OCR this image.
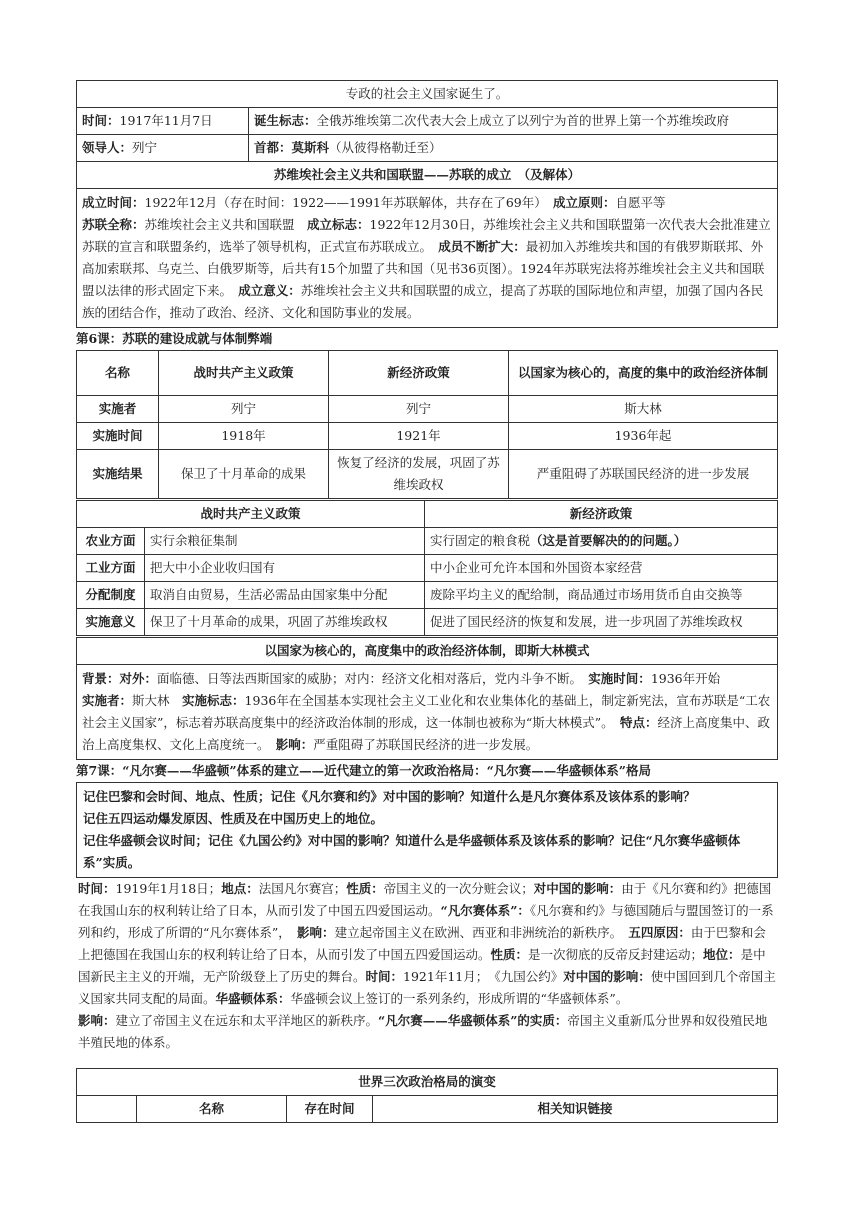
专政的社会主义国家诞生了。	
时间：1917年11月7日	诞生标志：全俄苏维埃第二次代表大会上成立了以列宁为首的世界上第一个苏维埃政府
领导人：列宁	首都：莫斯科（从彼得格勒迁至）
苏维埃社会主义共和国联盟——苏联的成立　（及解体）	
成立时间：1922年12月（存在时间：1922——1991年苏联解体，共存在了69年）　成立原则：自愿平等
苏联全称：苏维埃社会主义共和国联盟　成立标志：1922年12月30日，苏维埃社会主义共和国联盟第一次代表大会批准建立苏联的宣言和联盟条约，选举了领导机构，正式宣布苏联成立。　成员不断扩大：最初加入苏维埃共和国的有俄罗斯联邦、外高加索联邦、乌克兰、白俄罗斯等，后共有15个加盟了共和国（见书36页图）。1924年苏联宪法将苏维埃社会主义共和国联盟以法律的形式固定下来。　成立意义：苏维埃社会主义共和国联盟的成立，提高了苏联的国际地位和声望，加强了国内各民族的团结合作，推动了政治、经济、文化和国防事业的发展。	
第6课：苏联的建设成就与体制弊端
名称	战时共产主义政策	新经济政策	以国家为核心的，高度的集中的政治经济体制
实施者	列宁	列宁	斯大林
实施时间	1918年	1921年	1936年起
实施结果	保卫了十月革命的成果	恢复了经济的发展，巩固了苏维埃政权	严重阻碍了苏联国民经济的进一步发展
战时共产主义政策		新经济政策
农业方面	实行余粮征集制	实行固定的粮食税（这是首要解决的的问题。）
工业方面	把大中小企业收归国有	中小企业可允许本国和外国资本家经营
分配制度	取消自由贸易，生活必需品由国家集中分配	废除平均主义的配给制，商品通过市场用货币自由交换等
实施意义	保卫了十月革命的成果，巩固了苏维埃政权	促进了国民经济的恢复和发展，进一步巩固了苏维埃政权
以国家为核心的，高度集中的政治经济体制，即斯大林模式
背景：对外：面临德、日等法西斯国家的威胁；对内：经济文化相对落后，党内斗争不断。　实施时间：1936年开始　
实施者：斯大林　实施标志：1936年在全国基本实现社会主义工业化和农业集体化的基础上，制定新宪法，宣布苏联是“工农社会主义国家”，标志着苏联高度集中的经济政治体制的形成，这一体制也被称为“斯大林模式”。　特点：经济上高度集中、政治上高度集权、文化上高度统一。　影响：严重阻碍了苏联国民经济的进一步发展。
第7课：“凡尔赛——华盛顿”体系的建立——近代建立的第一次政治格局：“凡尔赛——华盛顿体系”格局
记住巴黎和会时间、地点、性质；记住《凡尔赛和约》对中国的影响？知道什么是凡尔赛体系及该体系的影响？
记住五四运动爆发原因、性质及在中国历史上的地位。
记住华盛顿会议时间；记住《九国公约》对中国的影响？知道什么是华盛顿体系及该体系的影响？记住“凡尔赛华盛顿体系”实质。
时间：1919年1月18日；地点：法国凡尔赛宫；性质：帝国主义的一次分赃会议；对中国的影响：由于《凡尔赛和约》把德国在我国山东的权利转让给了日本，从而引发了中国五四爱国运动。“凡尔赛体系”：《凡尔赛和约》与德国随后与盟国签订的一系列和约，形成了所谓的“凡尔赛体系”，　影响：建立起帝国主义在欧洲、西亚和非洲统治的新秩序。　五四原因：由于巴黎和会上把德国在我国山东的权利转让给了日本，从而引发了中国五四爱国运动。性质：是一次彻底的反帝反封建运动；地位：是中国新民主主义的开端，无产阶级登上了历史的舞台。时间：1921年11月；　《九国公约》对中国的影响：使中国回到几个帝国主义国家共同支配的局面。华盛顿体系：华盛顿会议上签订的一系列条约，形成所谓的“华盛顿体系”。
影响：建立了帝国主义在远东和太平洋地区的新秩序。“凡尔赛——华盛顿体系”的实质：帝国主义重新瓜分世界和奴役殖民地半殖民地的体系。
世界三次政治格局的演变
	名称	存在时间	相关知识链接
